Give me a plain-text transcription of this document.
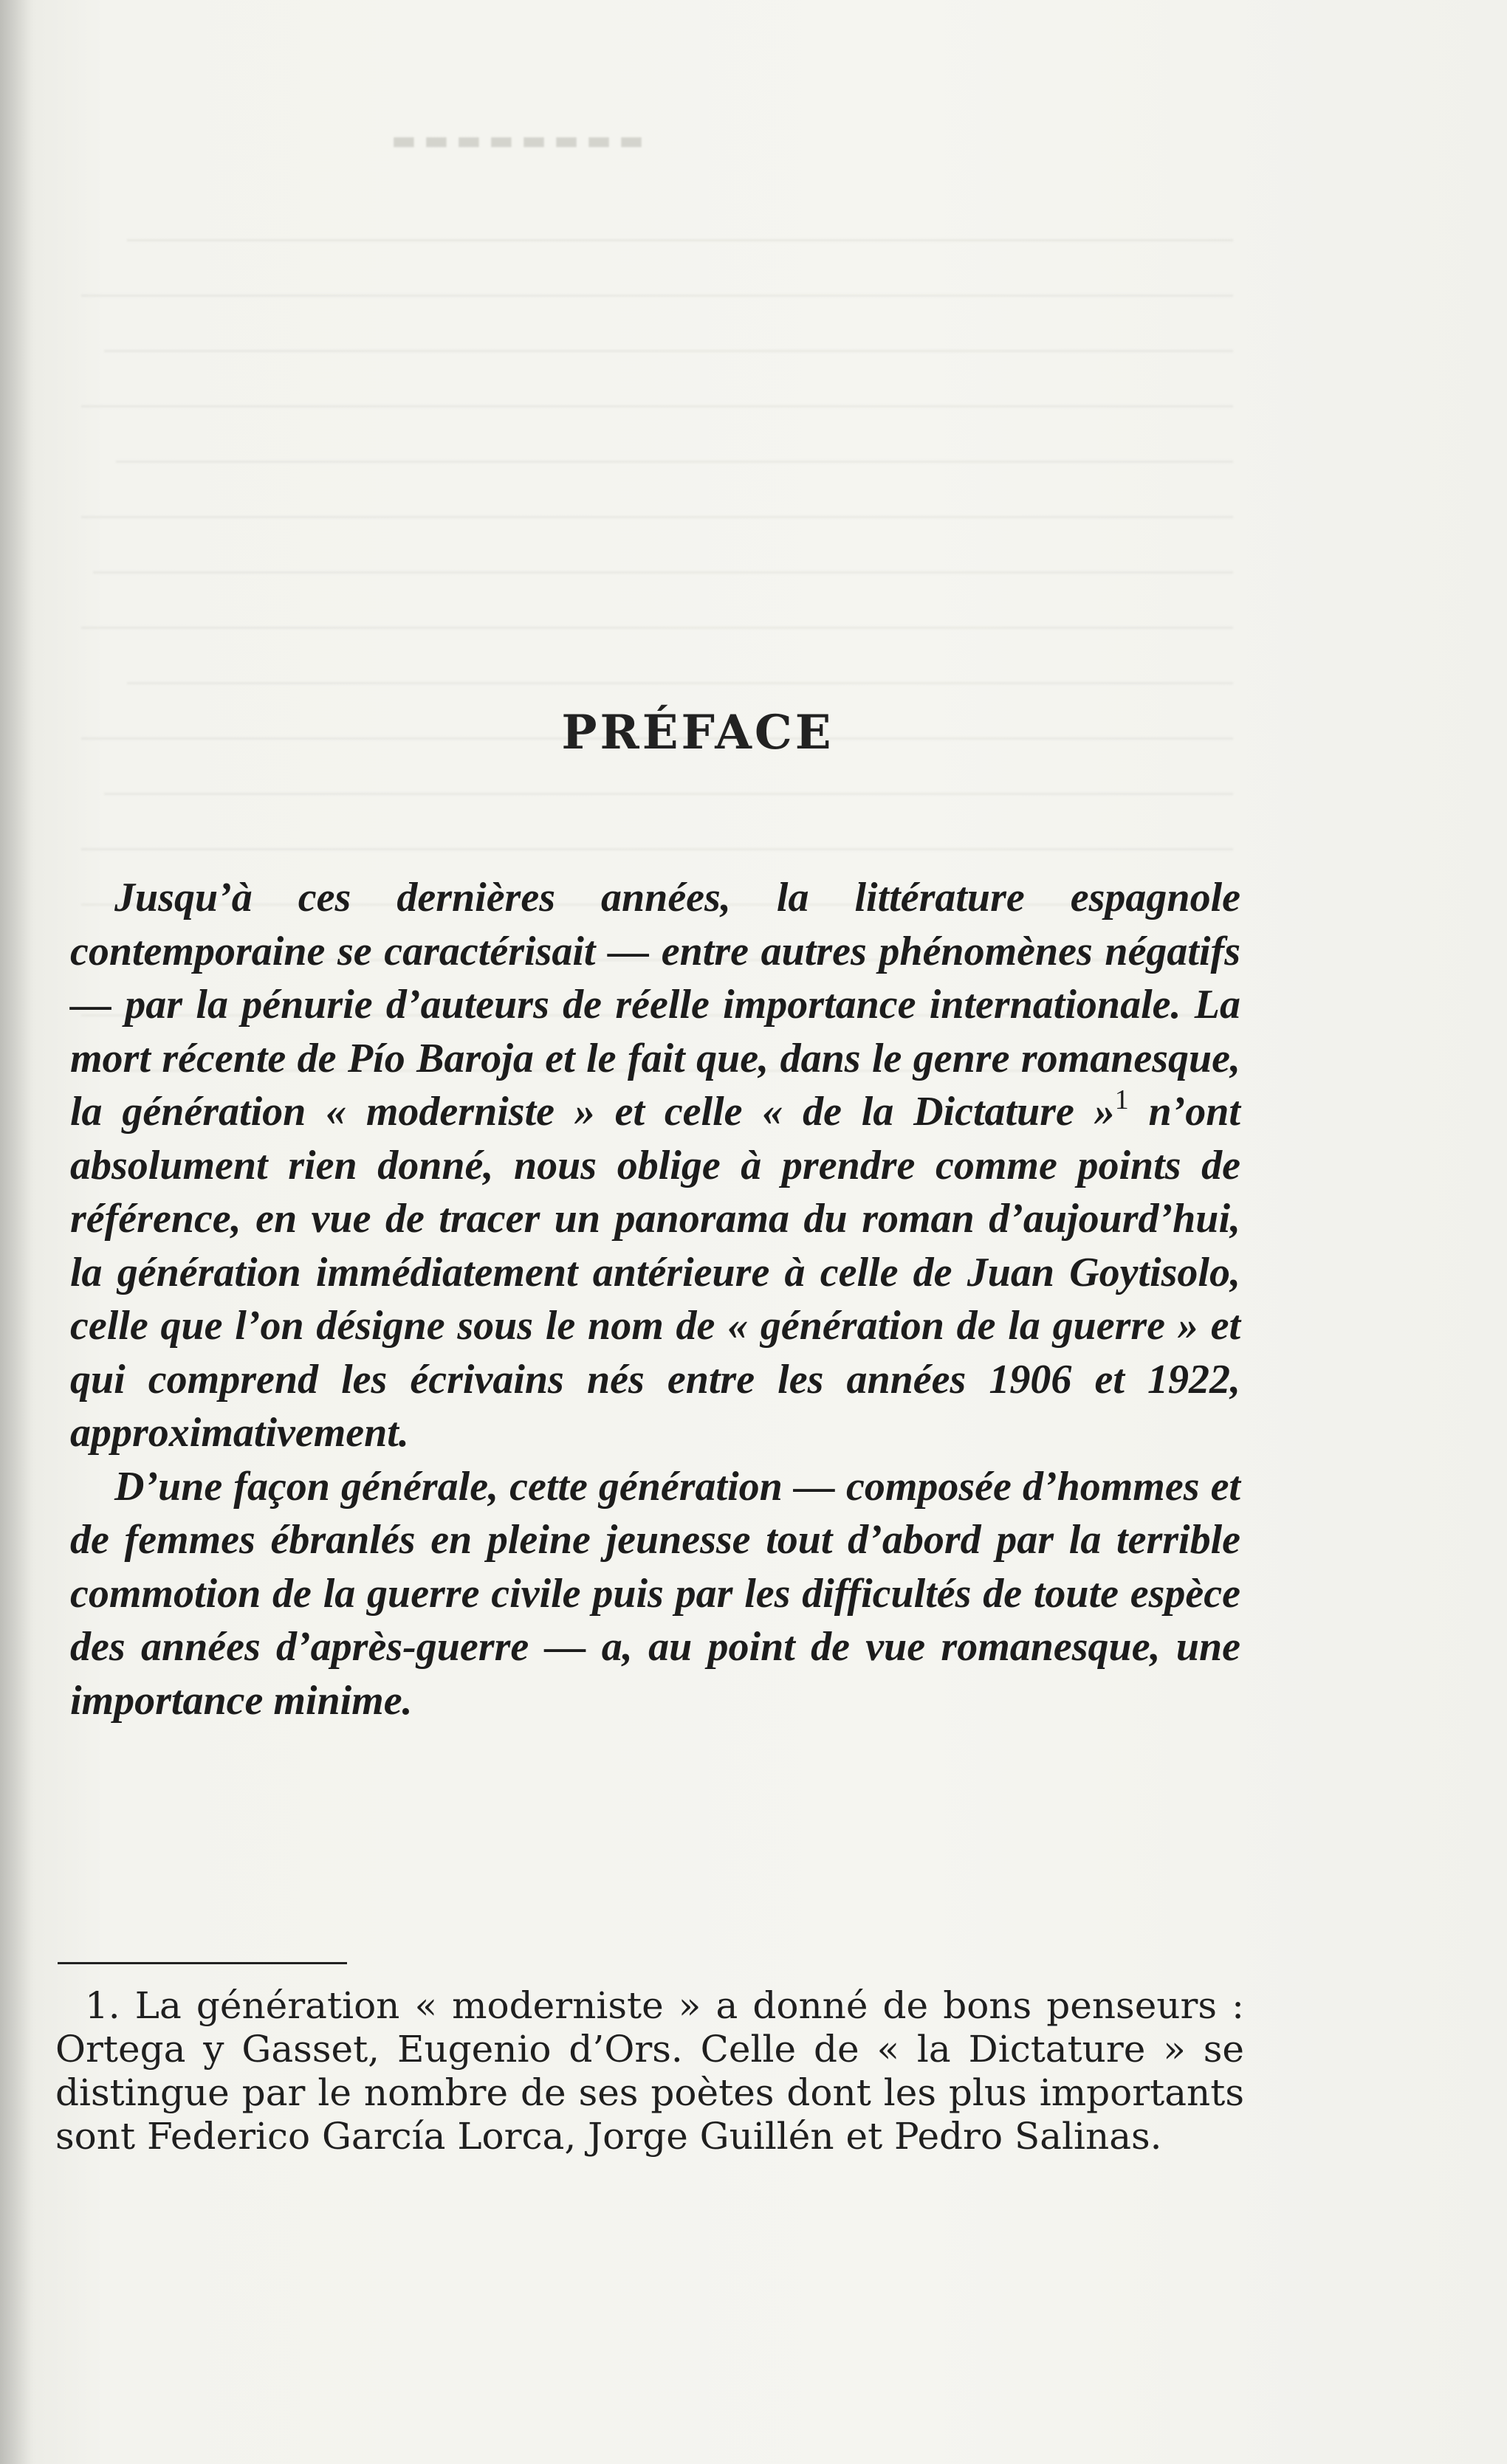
▬▬▬▬▬▬▬▬

PRÉFACE

Jusqu’à ces dernières années, la littérature espagnole contemporaine se caractérisait — entre autres phénomènes négatifs — par la pénurie d’auteurs de réelle importance internationale. La mort récente de Pío Baroja et le fait que, dans le genre romanesque, la génération « moderniste » et celle « de la Dictature »$^1$ n’ont absolument rien donné, nous oblige à prendre comme points de référence, en vue de tracer un panorama du roman d’aujourd’hui, la génération immédiatement antérieure à celle de Juan Goytisolo, celle que l’on désigne sous le nom de « génération de la guerre » et qui comprend les écrivains nés entre les années 1906 et 1922, approximativement.

D’une façon générale, cette génération — composée d’hommes et de femmes ébranlés en pleine jeunesse tout d’abord par la terrible commotion de la guerre civile puis par les difficultés de toute espèce des années d’après-guerre — a, au point de vue romanesque, une importance minime.

1. La génération « moderniste » a donné de bons penseurs : Ortega y Gasset, Eugenio d’Ors. Celle de « la Dictature » se distingue par le nombre de ses poètes dont les plus importants sont Federico García Lorca, Jorge Guillén et Pedro Salinas.
